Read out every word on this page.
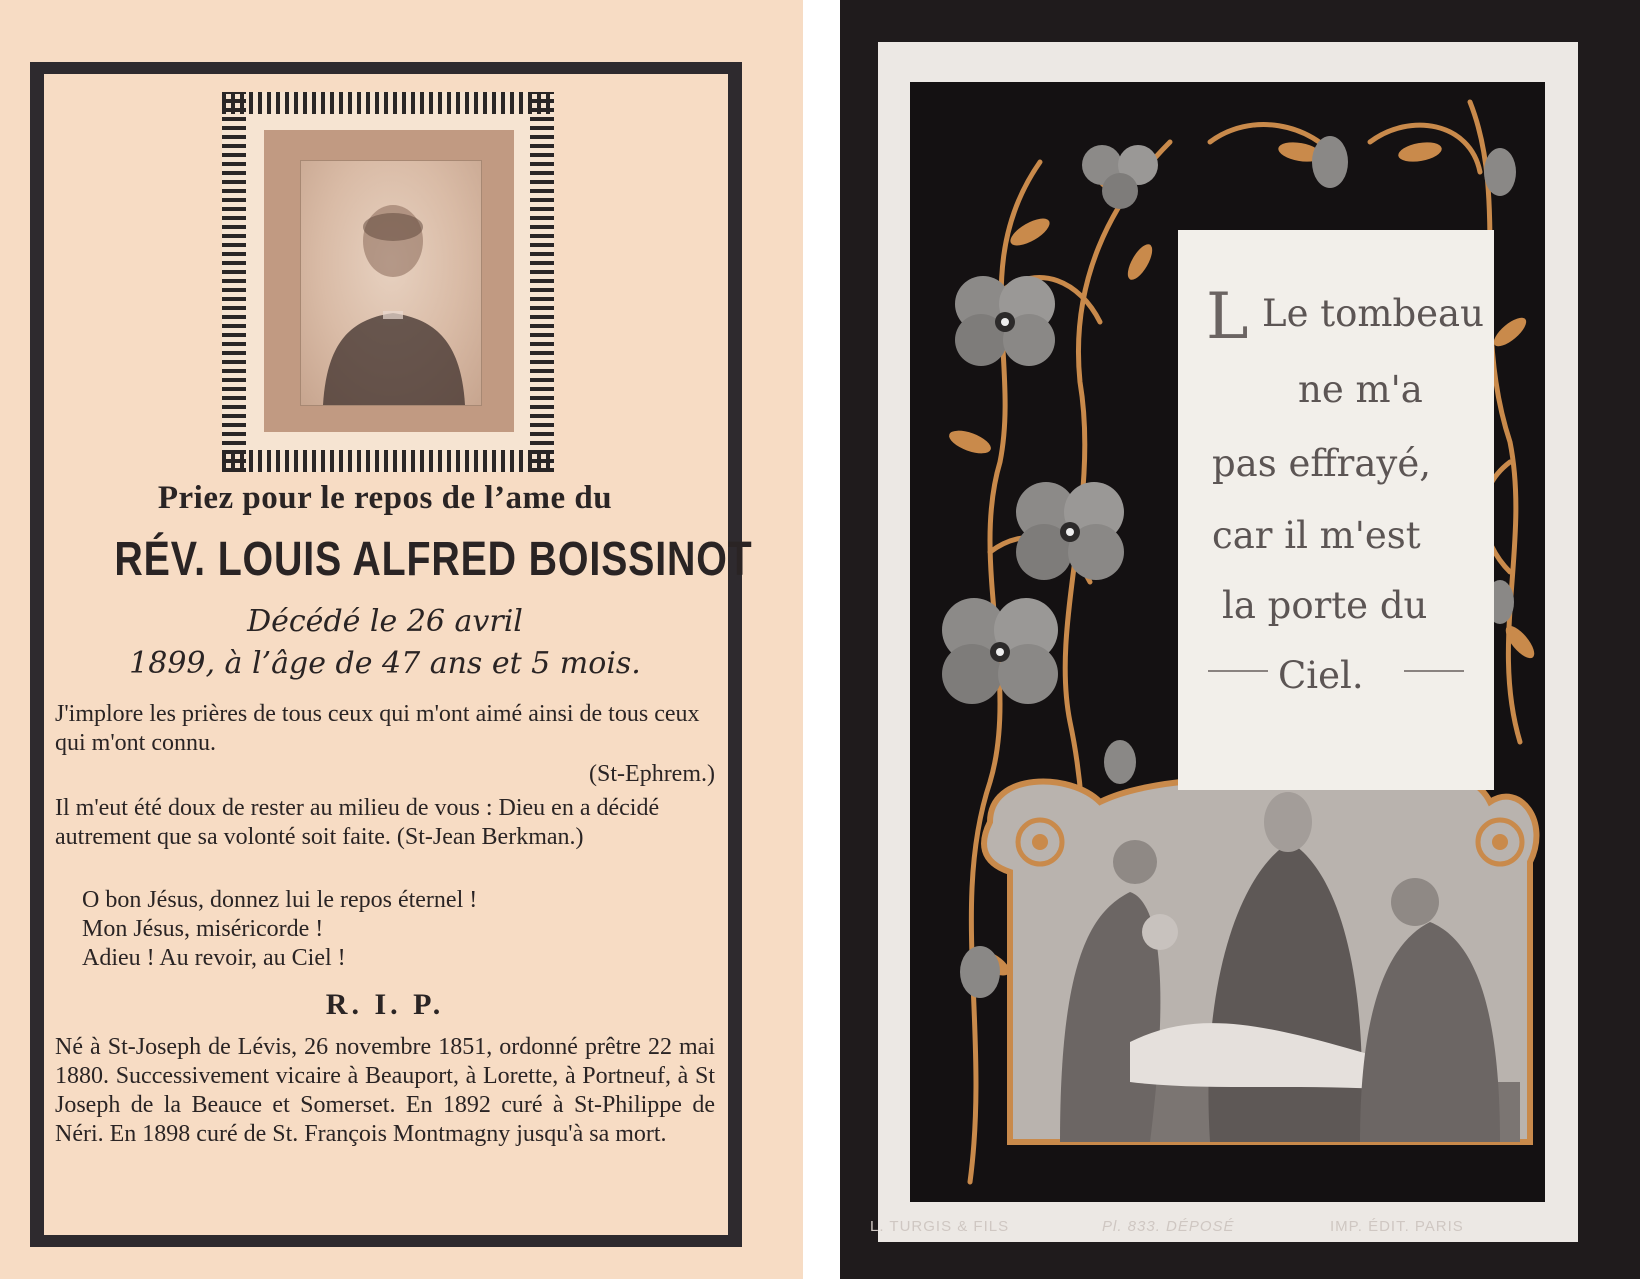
Priez pour le repos de l’ame du
RÉV. LOUIS ALFRED BOISSINOT
Décédé le 26 avril
1899, à l’âge de 47 ans et 5 mois.
J'implore les prières de tous ceux qui m'ont aimé ainsi de tous ceux qui m'ont connu.
(St-Ephrem.)
Il m'eut été doux de rester au milieu de vous : Dieu en a décidé autrement que sa volonté soit faite. (St-Jean Berkman.)
O bon Jésus, donnez lui le repos éternel !
Mon Jésus, miséricorde !
Adieu ! Au revoir, au Ciel !
R. I. P.
Né à St-Joseph de Lévis, 26 novembre 1851, ordonné prêtre 22 mai 1880. Successivement vicaire à Beauport, à Lorette, à Portneuf, à St Joseph de la Beauce et Somerset. En 1892 curé à St-Philippe de Néri. En 1898 curé de St. François Montmagny jusqu'à sa mort.
L. TURGIS & FILS	Pl. 833. DÉPOSÉ	IMP. ÉDIT. PARIS
L Le tombeau
ne m'a
pas effrayé,
car il m'est
la porte du
Ciel.
